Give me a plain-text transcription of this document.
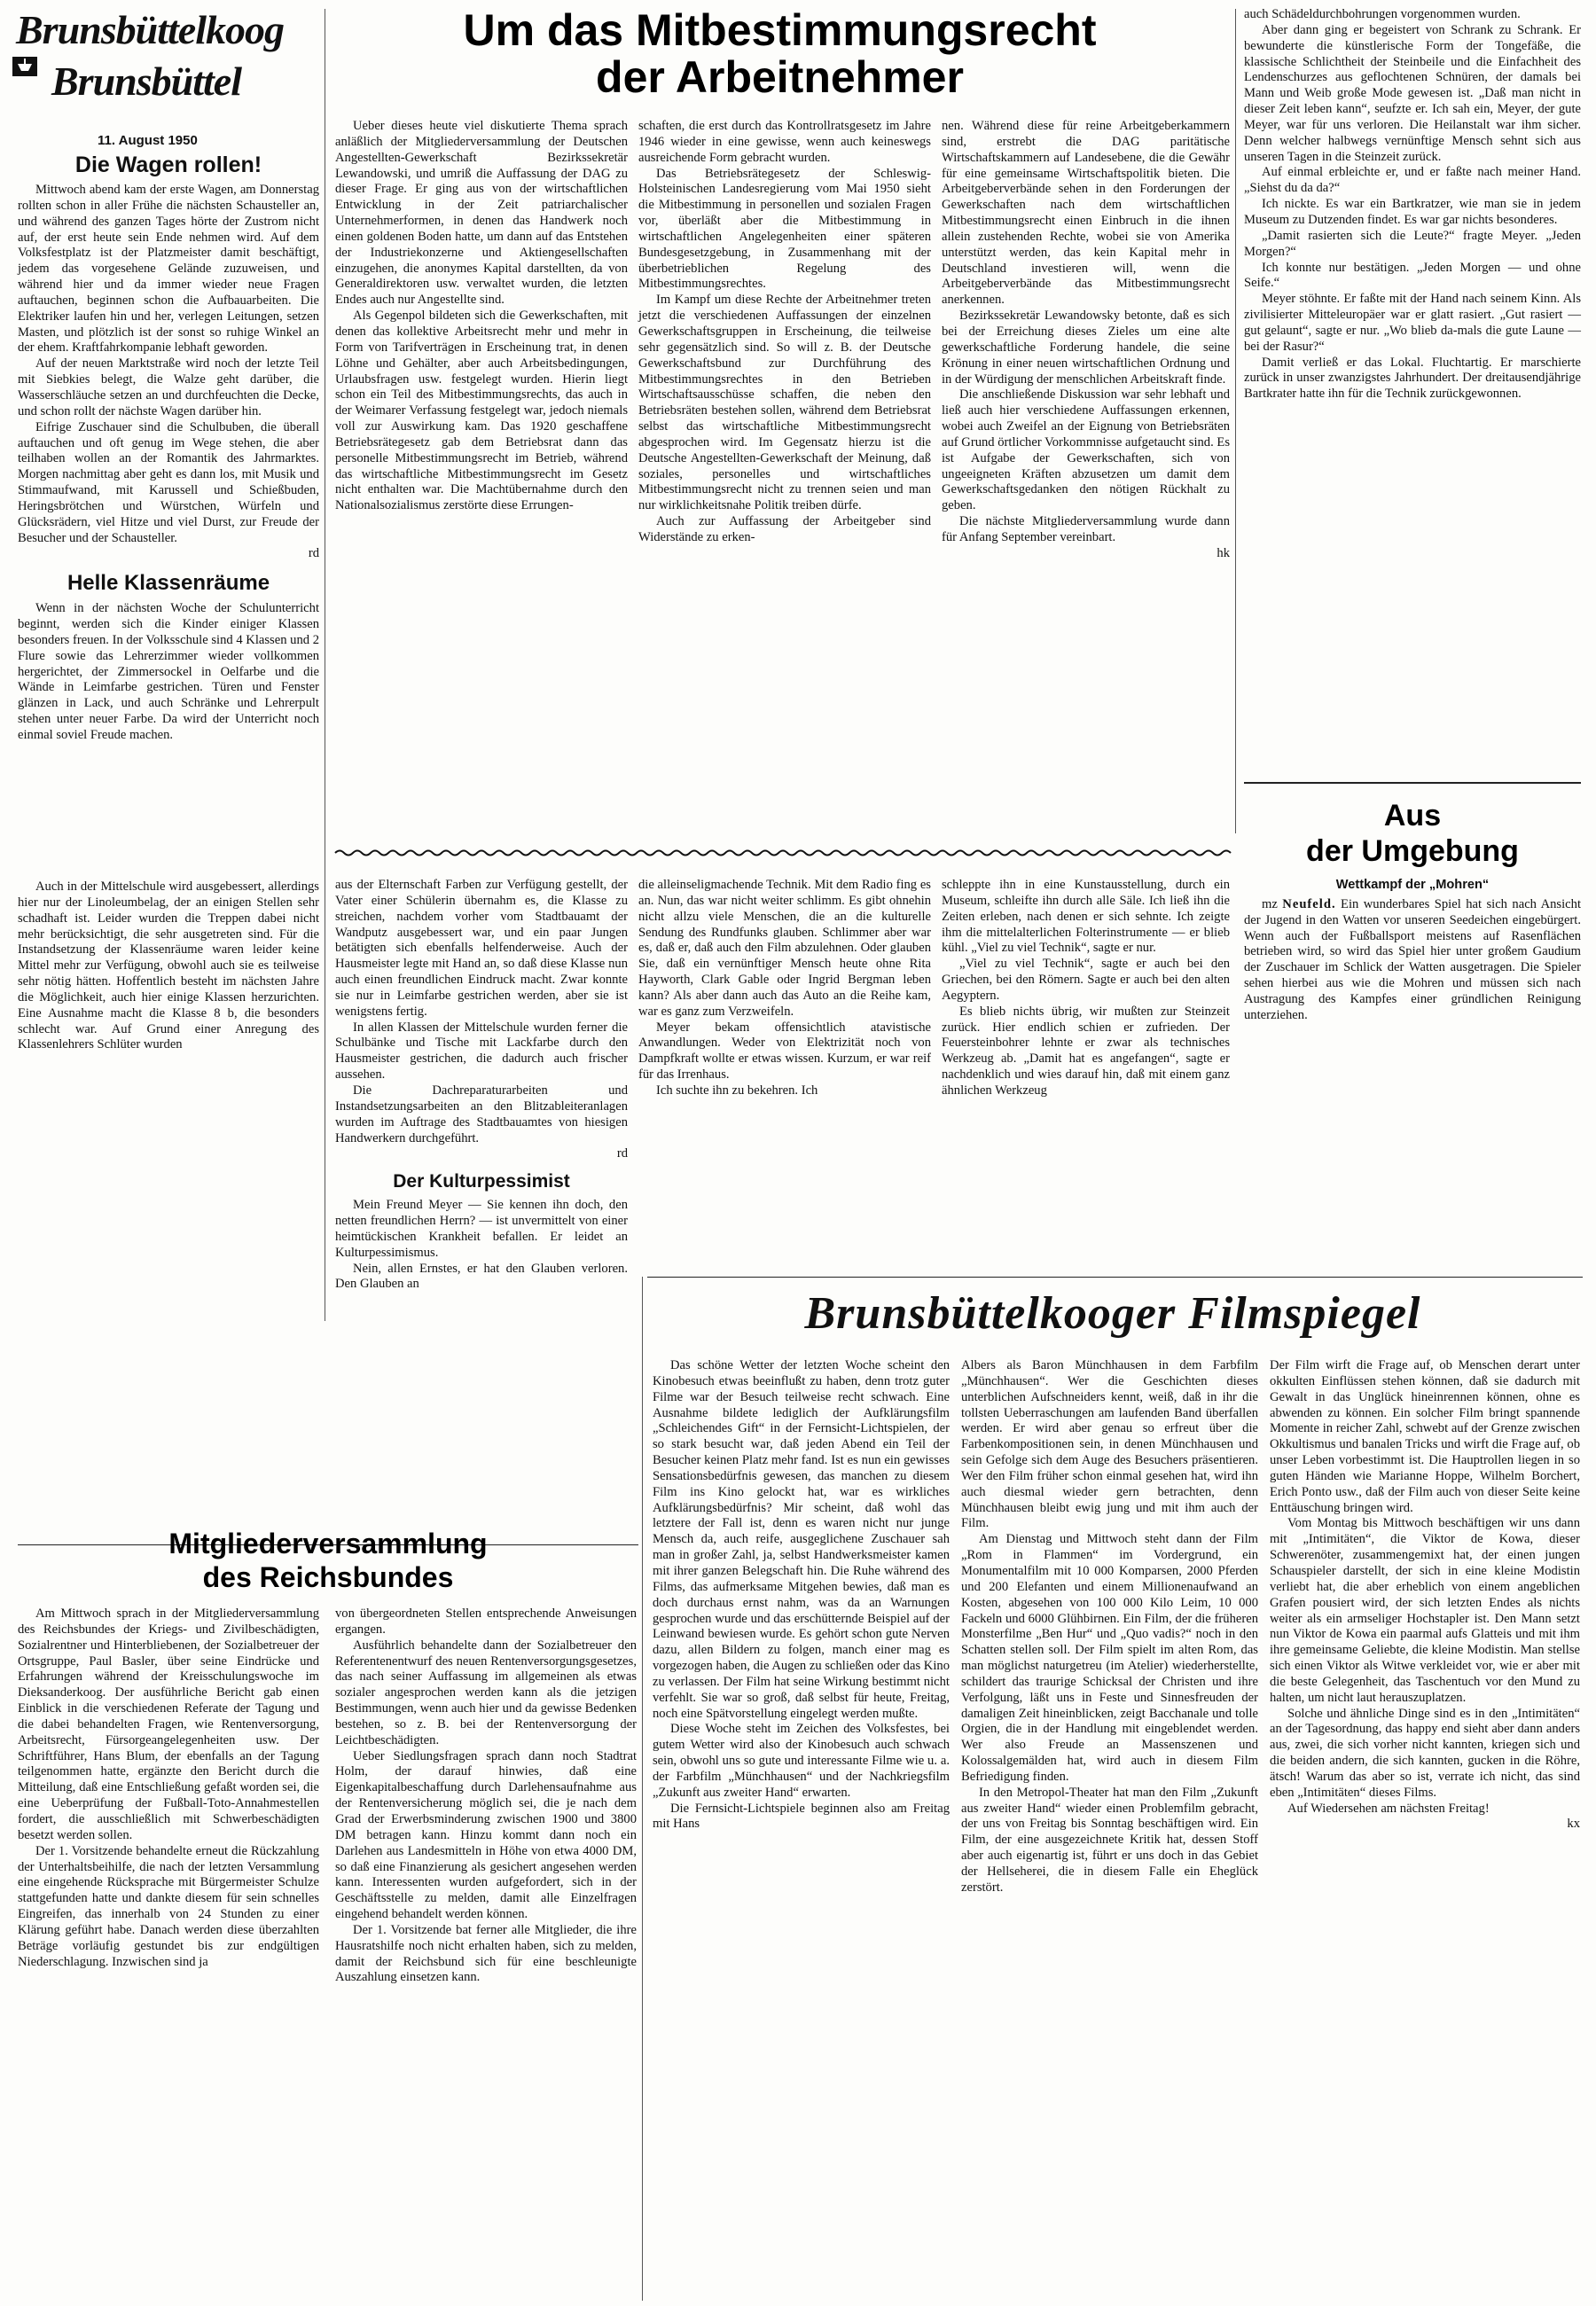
Brunsbüttelkoog
Brunsbüttel
11. August 1950
Die Wagen rollen!

Mittwoch abend kam der erste Wagen, am Donnerstag rollten schon in aller Frühe die nächsten Schausteller an, und während des ganzen Tages hörte der Zustrom nicht auf, der erst heute sein Ende nehmen wird. Auf dem Volksfestplatz ist der Platzmeister damit beschäftigt, jedem das vorgesehene Gelände zuzuweisen, und während hier und da immer wieder neue Fragen auftauchen, beginnen schon die Aufbauarbeiten. Die Elektriker laufen hin und her, verlegen Leitungen, setzen Masten, und plötzlich ist der sonst so ruhige Winkel an der ehem. Kraftfahrkompanie lebhaft geworden.

Auf der neuen Marktstraße wird noch der letzte Teil mit Siebkies belegt, die Walze geht darüber, die Wasserschläuche setzen an und durchfeuchten die Decke, und schon rollt der nächste Wagen darüber hin.

Eifrige Zuschauer sind die Schulbuben, die überall auftauchen und oft genug im Wege stehen, die aber teilhaben wollen an der Romantik des Jahrmarktes. Morgen nachmittag aber geht es dann los, mit Musik und Stimmaufwand, mit Karussell und Schießbuden, Heringsbrötchen und Würstchen, Würfeln und Glücksrädern, viel Hitze und viel Durst, zur Freude der Besucher und der Schausteller.

rd
Helle Klassenräume

Wenn in der nächsten Woche der Schulunterricht beginnt, werden sich die Kinder einiger Klassen besonders freuen. In der Volksschule sind 4 Klassen und 2 Flure sowie das Lehrerzimmer wieder vollkommen hergerichtet, der Zimmersockel in Oelfarbe und die Wände in Leimfarbe gestrichen. Türen und Fenster glänzen in Lack, und auch Schränke und Lehrerpult stehen unter neuer Farbe. Da wird der Unterricht noch einmal soviel Freude machen.

Auch in der Mittelschule wird ausgebessert, allerdings hier nur der Linoleumbelag, der an einigen Stellen sehr schadhaft ist. Leider wurden die Treppen dabei nicht mehr berücksichtigt, die sehr ausgetreten sind. Für die Instandsetzung der Klassenräume waren leider keine Mittel mehr zur Verfügung, obwohl auch sie es teilweise sehr nötig hätten. Hoffentlich besteht im nächsten Jahre die Möglichkeit, auch hier einige Klassen herzurichten. Eine Ausnahme macht die Klasse 8 b, die besonders schlecht war. Auf Grund einer Anregung des Klassenlehrers Schlüter wurden

Um das Mitbestimmungsrecht
der Arbeitnehmer

Ueber dieses heute viel diskutierte Thema sprach anläßlich der Mitgliederversammlung der Deutschen Angestellten-Gewerkschaft Bezirkssekretär Lewandowski, und umriß die Auffassung der DAG zu dieser Frage. Er ging aus von der wirtschaftlichen Entwicklung in der Zeit patriarchalischer Unternehmerformen, in denen das Handwerk noch einen goldenen Boden hatte, um dann auf das Entstehen der Industriekonzerne und Aktiengesellschaften einzugehen, die anonymes Kapital darstellten, da von Generaldirektoren usw. verwaltet wurden, die letzten Endes auch nur Angestellte sind.

Als Gegenpol bildeten sich die Gewerkschaften, mit denen das kollektive Arbeitsrecht mehr und mehr in Form von Tarifverträgen in Erscheinung trat, in denen Löhne und Gehälter, aber auch Arbeitsbedingungen, Urlaubsfragen usw. festgelegt wurden. Hierin liegt schon ein Teil des Mitbestimmungsrechts, das auch in der Weimarer Verfassung festgelegt war, jedoch niemals voll zur Auswirkung kam. Das 1920 geschaffene Betriebsrätegesetz gab dem Betriebsrat dann das personelle Mitbestimmungsrecht im Betrieb, während das wirtschaftliche Mitbestimmungsrecht im Gesetz nicht enthalten war. Die Machtübernahme durch den Nationalsozialismus zerstörte diese Errungen-

schaften, die erst durch das Kontrollratsgesetz im Jahre 1946 wieder in eine gewisse, wenn auch keineswegs ausreichende Form gebracht wurden.

Das Betriebsrätegesetz der Schleswig-Holsteinischen Landesregierung vom Mai 1950 sieht die Mitbestimmung in personellen und sozialen Fragen vor, überläßt aber die Mitbestimmung in wirtschaftlichen Angelegenheiten einer späteren Bundesgesetzgebung, in Zusammenhang mit der überbetrieblichen Regelung des Mitbestimmungsrechtes.

Im Kampf um diese Rechte der Arbeitnehmer treten jetzt die verschiedenen Auffassungen der einzelnen Gewerkschaftsgruppen in Erscheinung, die teilweise sehr gegensätzlich sind. So will z. B. der Deutsche Gewerkschaftsbund zur Durchführung des Mitbestimmungsrechtes in den Betrieben Wirtschaftsausschüsse schaffen, die neben den Betriebsräten bestehen sollen, während dem Betriebsrat selbst das wirtschaftliche Mitbestimmungsrecht abgesprochen wird. Im Gegensatz hierzu ist die Deutsche Angestellten-Gewerkschaft der Meinung, daß soziales, personelles und wirtschaftliches Mitbestimmungsrecht nicht zu trennen seien und man nur wirklichkeitsnahe Politik treiben dürfe.

Auch zur Auffassung der Arbeitgeber sind Widerstände zu erken-

nen. Während diese für reine Arbeitgeberkammern sind, erstrebt die DAG paritätische Wirtschaftskammern auf Landesebene, die die Gewähr für eine gemeinsame Wirtschaftspolitik bieten. Die Arbeitgeberverbände sehen in den Forderungen der Gewerkschaften nach dem wirtschaftlichen Mitbestimmungsrecht einen Einbruch in die ihnen allein zustehenden Rechte, wobei sie von Amerika unterstützt werden, das kein Kapital mehr in Deutschland investieren will, wenn die Arbeitgeberverbände das Mitbestimmungsrecht anerkennen.

Bezirkssekretär Lewandowsky betonte, daß es sich bei der Erreichung dieses Zieles um eine alte gewerkschaftliche Forderung handele, die seine Krönung in einer neuen wirtschaftlichen Ordnung und in der Würdigung der menschlichen Arbeitskraft finde.

Die anschließende Diskussion war sehr lebhaft und ließ auch hier verschiedene Auffassungen erkennen, wobei auch Zweifel an der Eignung von Betriebsräten auf Grund örtlicher Vorkommnisse aufgetaucht sind. Es ist Aufgabe der Gewerkschaften, sich von ungeeigneten Kräften abzusetzen um damit dem Gewerkschaftsgedanken den nötigen Rückhalt zu geben.

Die nächste Mitgliederversammlung wurde dann für Anfang September vereinbart.

hk

aus der Elternschaft Farben zur Verfügung gestellt, der Vater einer Schülerin übernahm es, die Klasse zu streichen, nachdem vorher vom Stadtbauamt der Wandputz ausgebessert war, und ein paar Jungen betätigten sich ebenfalls helfenderweise. Auch der Hausmeister legte mit Hand an, so daß diese Klasse nun auch einen freundlichen Eindruck macht. Zwar konnte sie nur in Leimfarbe gestrichen werden, aber sie ist wenigstens fertig.

In allen Klassen der Mittelschule wurden ferner die Schulbänke und Tische mit Lackfarbe durch den Hausmeister gestrichen, die dadurch auch frischer aussehen.

Die Dachreparaturarbeiten und Instandsetzungsarbeiten an den Blitzableiteranlagen wurden im Auftrage des Stadtbauamtes von hiesigen Handwerkern durchgeführt.

rd
Der Kulturpessimist

Mein Freund Meyer — Sie kennen ihn doch, den netten freundlichen Herrn? — ist unvermittelt von einer heimtückischen Krankheit befallen. Er leidet an Kulturpessimismus.

Nein, allen Ernstes, er hat den Glauben verloren. Den Glauben an

die alleinseligmachende Technik. Mit dem Radio fing es an. Nun, das war nicht weiter schlimm. Es gibt ohnehin nicht allzu viele Menschen, die an die kulturelle Sendung des Rundfunks glauben. Schlimmer aber war es, daß er, daß auch den Film abzulehnen. Oder glauben Sie, daß ein vernünftiger Mensch heute ohne Rita Hayworth, Clark Gable oder Ingrid Bergman leben kann? Als aber dann auch das Auto an die Reihe kam, war es ganz zum Verzweifeln.

Meyer bekam offensichtlich atavistische Anwandlungen. Weder von Elektrizität noch von Dampfkraft wollte er etwas wissen. Kurzum, er war reif für das Irrenhaus.

Ich suchte ihn zu bekehren. Ich

schleppte ihn in eine Kunstausstellung, durch ein Museum, schleifte ihn durch alle Säle. Ich ließ ihn die Zeiten erleben, nach denen er sich sehnte. Ich zeigte ihm die mittelalterlichen Folterinstrumente — er blieb kühl. „Viel zu viel Technik“, sagte er nur.

„Viel zu viel Technik“, sagte er auch bei den Griechen, bei den Römern. Sagte er auch bei den alten Aegyptern.

Es blieb nichts übrig, wir mußten zur Steinzeit zurück. Hier endlich schien er zufrieden. Der Feuersteinbohrer lehnte er zwar als technisches Werkzeug ab. „Damit hat es angefangen“, sagte er nachdenklich und wies darauf hin, daß mit einem ganz ähnlichen Werkzeug

auch Schädeldurchbohrungen vorgenommen wurden.

Aber dann ging er begeistert von Schrank zu Schrank. Er bewunderte die künstlerische Form der Tongefäße, die klassische Schlichtheit der Steinbeile und die Einfachheit des Lendenschurzes aus geflochtenen Schnüren, der damals bei Mann und Weib große Mode gewesen ist. „Daß man nicht in dieser Zeit leben kann“, seufzte er. Ich sah ein, Meyer, der gute Meyer, war für uns verloren. Die Heilanstalt war ihm sicher. Denn welcher halbwegs vernünftige Mensch sehnt sich aus unseren Tagen in die Steinzeit zurück.

Auf einmal erbleichte er, und er faßte nach meiner Hand. „Siehst du da da?“

Ich nickte. Es war ein Bartkratzer, wie man sie in jedem Museum zu Dutzenden findet. Es war gar nichts besonderes.

„Damit rasierten sich die Leute?“ fragte Meyer. „Jeden Morgen?“

Ich konnte nur bestätigen. „Jeden Morgen — und ohne Seife.“

Meyer stöhnte. Er faßte mit der Hand nach seinem Kinn. Als zivilisierter Mitteleuropäer war er glatt rasiert. „Gut rasiert — gut gelaunt“, sagte er nur. „Wo blieb da-mals die gute Laune — bei der Rasur?“

Damit verließ er das Lokal. Fluchtartig. Er marschierte zurück in unser zwanzigstes Jahrhundert. Der dreitausendjährige Bartkrater hatte ihn für die Technik zurückgewonnen.

Aus
der Umgebung
Wettkampf der „Mohren“

mz Neufeld. Ein wunderbares Spiel hat sich nach Ansicht der Jugend in den Watten vor unseren Seedeichen eingebürgert. Wenn auch der Fußballsport meistens auf Rasenflächen betrieben wird, so wird das Spiel hier unter großem Gaudium der Zuschauer im Schlick der Watten ausgetragen. Die Spieler sehen hierbei aus wie die Mohren und müssen sich nach Austragung des Kampfes einer gründlichen Reinigung unterziehen.

Mitgliederversammlung
des Reichsbundes

Am Mittwoch sprach in der Mitgliederversammlung des Reichsbundes der Kriegs- und Zivilbeschädigten, Sozialrentner und Hinterbliebenen, der Sozialbetreuer der Ortsgruppe, Paul Basler, über seine Eindrücke und Erfahrungen während der Kreisschulungswoche im Dieksanderkoog. Der ausführliche Bericht gab einen Einblick in die verschiedenen Referate der Tagung und die dabei behandelten Fragen, wie Rentenversorgung, Arbeitsrecht, Fürsorgeangelegenheiten usw. Der Schriftführer, Hans Blum, der ebenfalls an der Tagung teilgenommen hatte, ergänzte den Bericht durch die Mitteilung, daß eine Entschließung gefaßt worden sei, die eine Ueberprüfung der Fußball-Toto-Annahmestellen fordert, die ausschließlich mit Schwerbeschädigten besetzt werden sollen.

Der 1. Vorsitzende behandelte erneut die Rückzahlung der Unterhaltsbeihilfe, die nach der letzten Versammlung eine eingehende Rücksprache mit Bürgermeister Schulze stattgefunden hatte und dankte diesem für sein schnelles Eingreifen, das innerhalb von 24 Stunden zu einer Klärung geführt habe. Danach werden diese überzahlten Beträge vorläufig gestundet bis zur endgültigen Niederschlagung. Inzwischen sind ja

von übergeordneten Stellen entsprechende Anweisungen ergangen.

Ausführlich behandelte dann der Sozialbetreuer den Referentenentwurf des neuen Rentenversorgungsgesetzes, das nach seiner Auffassung im allgemeinen als etwas sozialer angesprochen werden kann als die jetzigen Bestimmungen, wenn auch hier und da gewisse Bedenken bestehen, so z. B. bei der Rentenversorgung der Leichtbeschädigten.

Ueber Siedlungsfragen sprach dann noch Stadtrat Holm, der darauf hinwies, daß eine Eigenkapitalbeschaffung durch Darlehensaufnahme aus der Rentenversicherung möglich sei, die je nach dem Grad der Erwerbsminderung zwischen 1900 und 3800 DM betragen kann. Hinzu kommt dann noch ein Darlehen aus Landesmitteln in Höhe von etwa 4000 DM, so daß eine Finanzierung als gesichert angesehen werden kann. Interessenten wurden aufgefordert, sich in der Geschäftsstelle zu melden, damit alle Einzelfragen eingehend behandelt werden können.

Der 1. Vorsitzende bat ferner alle Mitglieder, die ihre Hausratshilfe noch nicht erhalten haben, sich zu melden, damit der Reichsbund sich für eine beschleunigte Auszahlung einsetzen kann.

Brunsbüttelkooger Filmspiegel

Das schöne Wetter der letzten Woche scheint den Kinobesuch etwas beeinflußt zu haben, denn trotz guter Filme war der Besuch teilweise recht schwach. Eine Ausnahme bildete lediglich der Aufklärungsfilm „Schleichendes Gift“ in der Fernsicht-Lichtspielen, der so stark besucht war, daß jeden Abend ein Teil der Besucher keinen Platz mehr fand. Ist es nun ein gewisses Sensationsbedürfnis gewesen, das manchen zu diesem Film ins Kino gelockt hat, war es wirkliches Aufklärungsbedürfnis? Mir scheint, daß wohl das letztere der Fall ist, denn es waren nicht nur junge Mensch da, auch reife, ausgeglichene Zuschauer sah man in großer Zahl, ja, selbst Handwerksmeister kamen mit ihrer ganzen Belegschaft hin. Die Ruhe während des Films, das aufmerksame Mitgehen bewies, daß man es doch durchaus ernst nahm, was da an Warnungen gesprochen wurde und das erschütternde Beispiel auf der Leinwand bewiesen wurde. Es gehört schon gute Nerven dazu, allen Bildern zu folgen, manch einer mag es vorgezogen haben, die Augen zu schließen oder das Kino zu verlassen. Der Film hat seine Wirkung bestimmt nicht verfehlt. Sie war so groß, daß selbst für heute, Freitag, noch eine Spätvorstellung eingelegt werden mußte.

Diese Woche steht im Zeichen des Volksfestes, bei gutem Wetter wird also der Kinobesuch auch schwach sein, obwohl uns so gute und interessante Filme wie u. a. der Farbfilm „Münchhausen“ und der Nachkriegsfilm „Zukunft aus zweiter Hand“ erwarten.

Die Fernsicht-Lichtspiele beginnen also am Freitag mit Hans

Albers als Baron Münchhausen in dem Farbfilm „Münchhausen“. Wer die Geschichten dieses unterblichen Aufschneiders kennt, weiß, daß in ihr die tollsten Ueberraschungen am laufenden Band überfallen werden. Er wird aber genau so erfreut über die Farbenkompositionen sein, in denen Münchhausen und sein Gefolge sich dem Auge des Besuchers präsentieren. Wer den Film früher schon einmal gesehen hat, wird ihn auch diesmal wieder gern betrachten, denn Münchhausen bleibt ewig jung und mit ihm auch der Film.

Am Dienstag und Mittwoch steht dann der Film „Rom in Flammen“ im Vordergrund, ein Monumentalfilm mit 10 000 Komparsen, 2000 Pferden und 200 Elefanten und einem Millionenaufwand an Kosten, abgesehen von 100 000 Kilo Leim, 10 000 Fackeln und 6000 Glühbirnen. Ein Film, der die früheren Monsterfilme „Ben Hur“ und „Quo vadis?“ noch in den Schatten stellen soll. Der Film spielt im alten Rom, das man möglichst naturgetreu (im Atelier) wiederherstellte, schildert das traurige Schicksal der Christen und ihre Verfolgung, läßt uns in Feste und Sinnesfreuden der damaligen Zeit hineinblicken, zeigt Bacchanale und tolle Orgien, die in der Handlung mit eingeblendet werden. Wer also Freude an Massenszenen und Kolossalgemälden hat, wird auch in diesem Film Befriedigung finden.

In den Metropol-Theater hat man den Film „Zukunft aus zweiter Hand“ wieder einen Problemfilm gebracht, der uns von Freitag bis Sonntag beschäftigen wird. Ein Film, der eine ausgezeichnete Kritik hat, dessen Stoff aber auch eigenartig ist, führt er uns doch in das Gebiet der Hellseherei, die in diesem Falle ein Eheglück zerstört.

Der Film wirft die Frage auf, ob Menschen derart unter okkulten Einflüssen stehen können, daß sie dadurch mit Gewalt in das Unglück hineinrennen können, ohne es abwenden zu können. Ein solcher Film bringt spannende Momente in reicher Zahl, schwebt auf der Grenze zwischen Okkultismus und banalen Tricks und wirft die Frage auf, ob unser Leben vorbestimmt ist. Die Hauptrollen liegen in so guten Händen wie Marianne Hoppe, Wilhelm Borchert, Erich Ponto usw., daß der Film auch von dieser Seite keine Enttäuschung bringen wird.

Vom Montag bis Mittwoch beschäftigen wir uns dann mit „Intimitäten“, die Viktor de Kowa, dieser Schwerenöter, zusammengemixt hat, der einen jungen Schauspieler darstellt, der sich in eine kleine Modistin verliebt hat, die aber erheblich von einem angeblichen Grafen pousiert wird, der sich letzten Endes als nichts weiter als ein armseliger Hochstapler ist. Den Mann setzt nun Viktor de Kowa ein paarmal aufs Glatteis und mit ihm ihre gemeinsame Geliebte, die kleine Modistin. Man stellse sich einen Viktor als Witwe verkleidet vor, wie er aber mit die beste Gelegenheit, das Taschentuch vor den Mund zu halten, um nicht laut herauszuplatzen.

Solche und ähnliche Dinge sind es in den „Intimitäten“ an der Tagesordnung, das happy end sieht aber dann anders aus, zwei, die sich vorher nicht kannten, kriegen sich und die beiden andern, die sich kannten, gucken in die Röhre, ätsch! Warum das aber so ist, verrate ich nicht, das sind eben „Intimitäten“ dieses Films.

Auf Wiedersehen am nächsten Freitag!

kx
